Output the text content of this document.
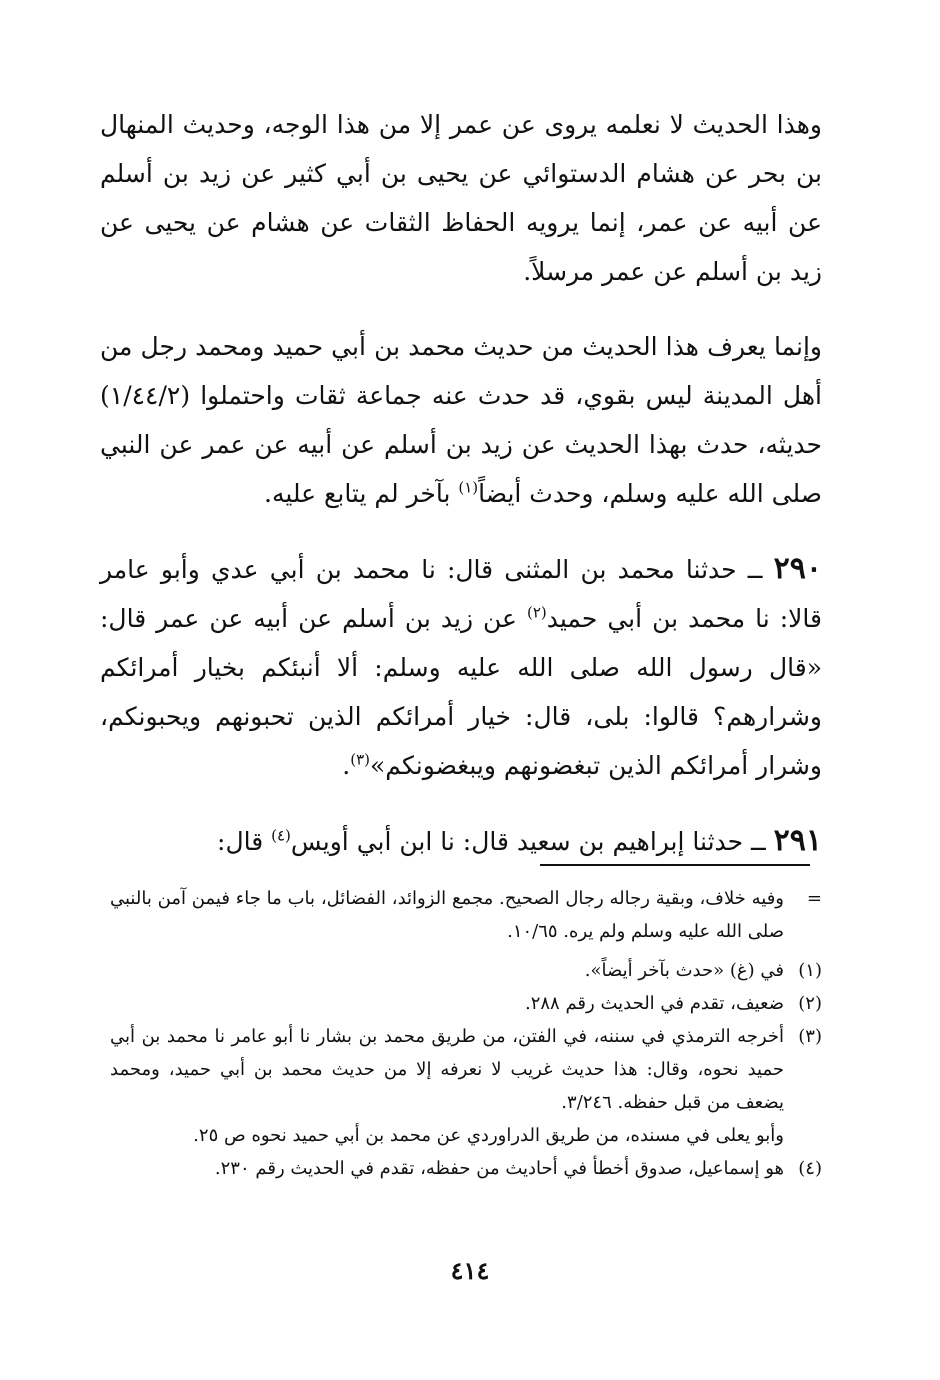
وهذا الحديث لا نعلمه يروى عن عمر إلا من هذا الوجه، وحديث المنهال بن بحر عن هشام الدستوائي عن يحيى بن أبي كثير عن زيد بن أسلم عن أبيه عن عمر، إنما يرويه الحفاظ الثقات عن هشام عن يحيى عن زيد بن أسلم عن عمر مرسلاً.

وإنما يعرف هذا الحديث من حديث محمد بن أبي حميد ومحمد رجل من أهل المدينة ليس بقوي، قد حدث عنه جماعة ثقات واحتملوا (١/٤٤/٢) حديثه، حدث بهذا الحديث عن زيد بن أسلم عن أبيه عن عمر عن النبي صلى الله عليه وسلم، وحدث أيضاً$^{(١)}$ بآخر لم يتابع عليه.

٢٩٠ ــ حدثنا محمد بن المثنى قال: نا محمد بن أبي عدي وأبو عامر قالا: نا محمد بن أبي حميد$^{(٢)}$ عن زيد بن أسلم عن أبيه عن عمر قال: «قال رسول الله صلى الله عليه وسلم: ألا أنبئكم بخيار أمرائكم وشرارهم؟ قالوا: بلى، قال: خيار أمرائكم الذين تحبونهم ويحبونكم، وشرار أمرائكم الذين تبغضونهم ويبغضونكم»$^{(٣)}$.

٢٩١ ــ حدثنا إبراهيم بن سعيد قال: نا ابن أبي أويس$^{(٤)}$ قال:

=
وفيه خلاف، وبقية رجاله رجال الصحيح. مجمع الزوائد، الفضائل، باب ما جاء فيمن آمن بالنبي صلى الله عليه وسلم ولم يره. ١٠/٦٥.
(١)
في (غ) «حدث بآخر أيضاً».
(٢)
ضعيف، تقدم في الحديث رقم ٢٨٨.
(٣)
أخرجه الترمذي في سننه، في الفتن، من طريق محمد بن بشار نا أبو عامر نا محمد بن أبي حميد نحوه، وقال: هذا حديث غريب لا نعرفه إلا من حديث محمد بن أبي حميد، ومحمد يضعف من قبل حفظه. ٣/٢٤٦.
وأبو يعلى في مسنده، من طريق الدراوردي عن محمد بن أبي حميد نحوه ص ٢٥.
(٤)
هو إسماعيل، صدوق أخطأ في أحاديث من حفظه، تقدم في الحديث رقم ٢٣٠.
٤١٤
